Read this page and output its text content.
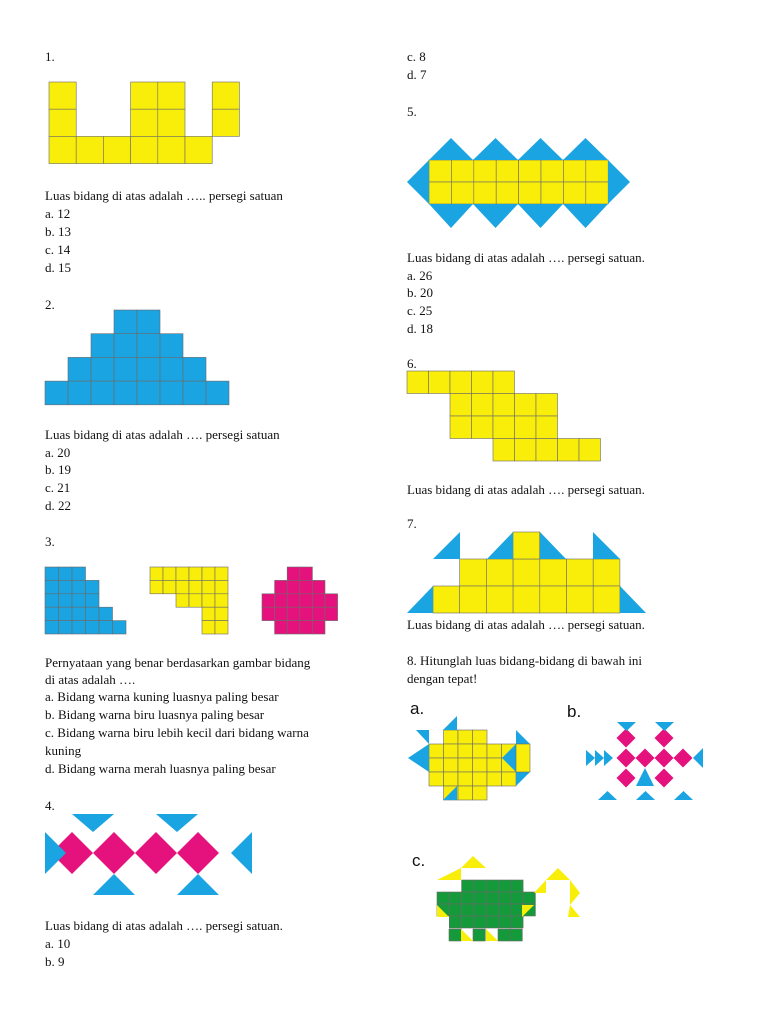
1.
Luas bidang di atas adalah ….. persegi satuan
a. 12
b. 13
c. 14
d. 15
2.
Luas bidang di atas adalah …. persegi satuan
a. 20
b. 19
c. 21
d. 22
3.
Pernyataan yang benar berdasarkan gambar bidang
di atas adalah ….
a. Bidang warna kuning luasnya paling besar
b. Bidang warna biru luasnya paling besar
c. Bidang warna biru lebih kecil dari bidang warna
kuning
d. Bidang warna merah luasnya paling besar
4.
Luas bidang di atas adalah …. persegi satuan.
a. 10
b. 9
c. 8
d. 7
5.
Luas bidang di atas adalah …. persegi satuan.
a. 26
b. 20
c. 25
d. 18
6.
Luas bidang di atas adalah …. persegi satuan.
7.
Luas bidang di atas adalah …. persegi satuan.
8. Hitunglah luas bidang-bidang di bawah ini
dengan tepat!
a.	b.
c.
